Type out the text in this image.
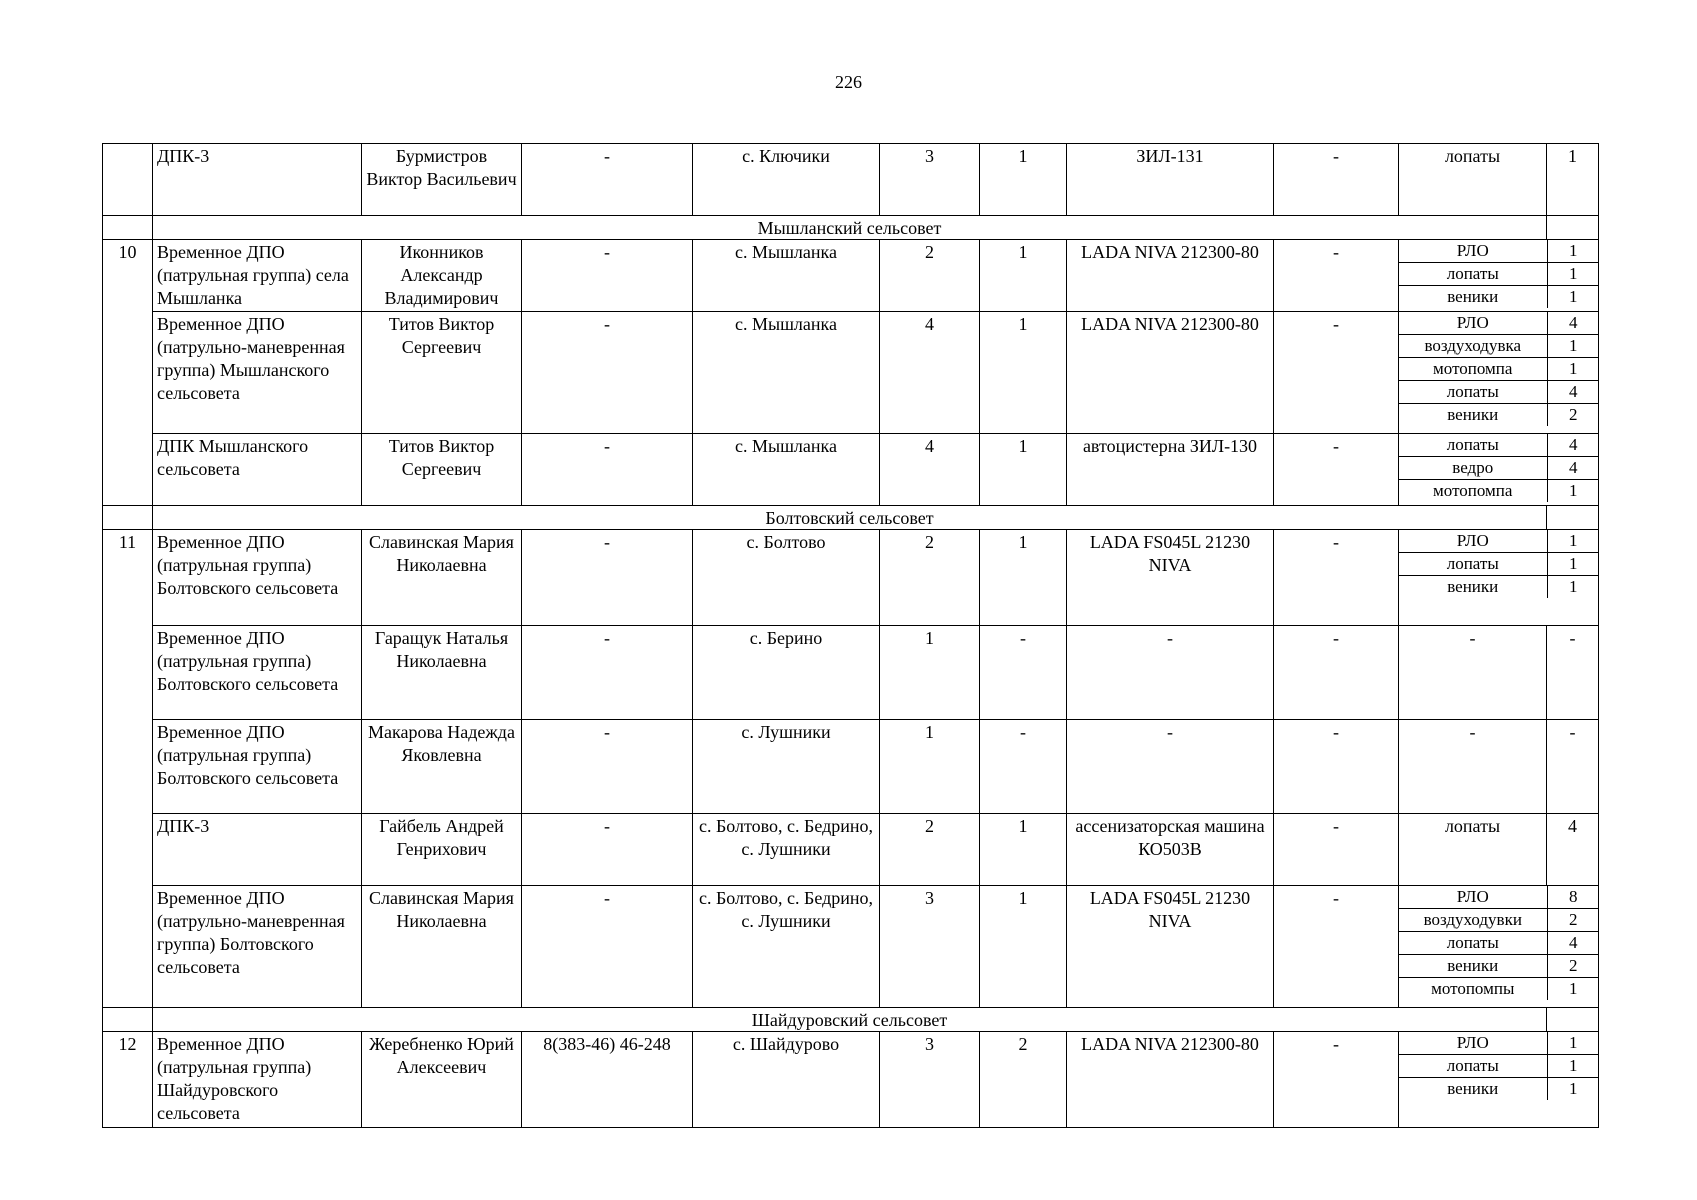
226
	ДПК-3	Бурмистров Виктор Васильевич	-	с. Ключики	3	1	ЗИЛ-131	-	лопаты	1
	Мышланский сельсовет	
10	Временное ДПО (патрульная группа) села Мышланка	Иконников Александр Владимирович	-	с. Мышланка	2	1	LADA NIVA 212300-80	-		РЛО	1
лопаты	1
веники	1

Временное ДПО (патрульно-маневренная группа) Мышланского сельсовета	Титов Виктор Сергеевич	-	с. Мышланка	4	1	LADA NIVA 212300-80	-		РЛО	4
воздуходувка	1
мотопомпа	1
лопаты	4
веники	2

ДПК Мышланского сельсовета	Титов Виктор Сергеевич	-	с. Мышланка	4	1	автоцистерна ЗИЛ-130	-		лопаты	4
ведро	4
мотопомпа	1

	Болтовский сельсовет	
11	Временное ДПО (патрульная группа) Болтовского сельсовета	Славинская Мария Николаевна	-	с. Болтово	2	1	LADA FS045L 21230 NIVA	-		РЛО	1
лопаты	1
веники	1

Временное ДПО (патрульная группа) Болтовского сельсовета	Гаращук Наталья Николаевна	-	с. Берино	1	-	-	-	-	-
Временное ДПО (патрульная группа) Болтовского сельсовета	Макарова Надежда Яковлевна	-	с. Лушники	1	-	-	-	-	-
ДПК-3	Гайбель Андрей Генрихович	-	с. Болтово, с. Бедрино, с. Лушники	2	1	ассенизаторская машина КО503В	-	лопаты	4
Временное ДПО (патрульно-маневренная группа) Болтовского сельсовета	Славинская Мария Николаевна	-	с. Болтово, с. Бедрино, с. Лушники	3	1	LADA FS045L 21230 NIVA	-		РЛО	8
воздуходувки	2
лопаты	4
веники	2
мотопомпы	1

	Шайдуровский сельсовет	
12	Временное ДПО (патрульная группа) Шайдуровского сельсовета	Жеребненко Юрий Алексеевич	8(383-46) 46-248	с. Шайдурово	3	2	LADA NIVA 212300-80	-		РЛО	1
лопаты	1
веники	1
